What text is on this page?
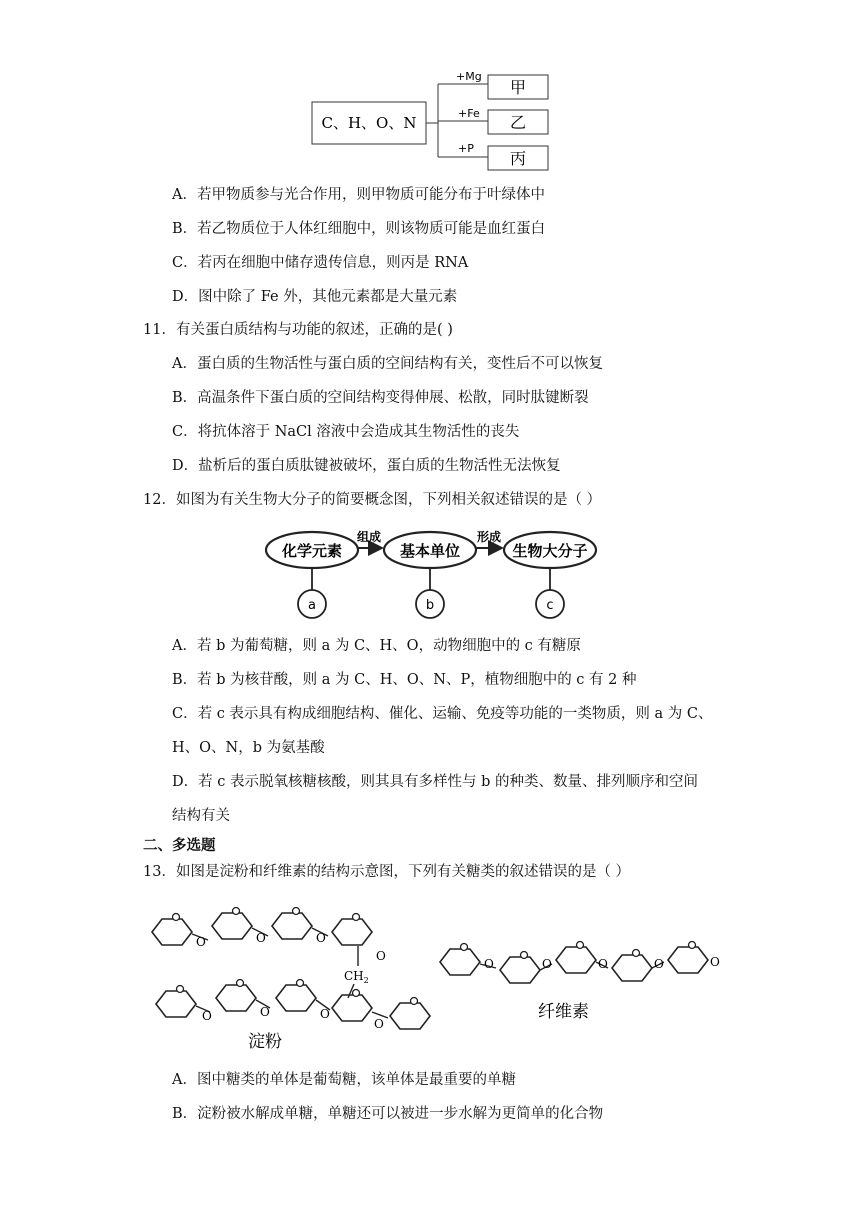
C、H、O、N
+Mg
+Fe
+P
甲
乙
丙
A．若甲物质参与光合作用，则甲物质可能分布于叶绿体中
B．若乙物质位于人体红细胞中，则该物质可能是血红蛋白
C．若丙在细胞中储存遗传信息，则丙是 RNA
D．图中除了 Fe 外，其他元素都是大量元素
11．有关蛋白质结构与功能的叙述，正确的是( )
A．蛋白质的生物活性与蛋白质的空间结构有关，变性后不可以恢复
B．高温条件下蛋白质的空间结构变得伸展、松散，同时肽键断裂
C．将抗体溶于 NaCl 溶液中会造成其生物活性的丧失
D．盐析后的蛋白质肽键被破坏，蛋白质的生物活性无法恢复
12．如图为有关生物大分子的简要概念图，下列相关叙述错误的是（ ）
化学元素	基本单位	生物大分子
组成	形成
a	b	c
A．若 b 为葡萄糖，则 a 为 C、H、O，动物细胞中的 c 有糖原
B．若 b 为核苷酸，则 a 为 C、H、O、N、P，植物细胞中的 c 有 2 种
C．若 c 表示具有构成细胞结构、催化、运输、免疫等功能的一类物质，则 a 为 C、
H、O、N，b 为氨基酸
D．若 c 表示脱氧核糖核酸，则其具有多样性与 b 的种类、数量、排列顺序和空间
结构有关
二、多选题
13．如图是淀粉和纤维素的结构示意图，下列有关糖类的叙述错误的是（ ）
O	O	O
O
$CH_2$
O	O	O
O
淀粉
O	O	O	O	O
纤维素
A．图中糖类的单体是葡萄糖，该单体是最重要的单糖
B．淀粉被水解成单糖，单糖还可以被进一步水解为更简单的化合物
